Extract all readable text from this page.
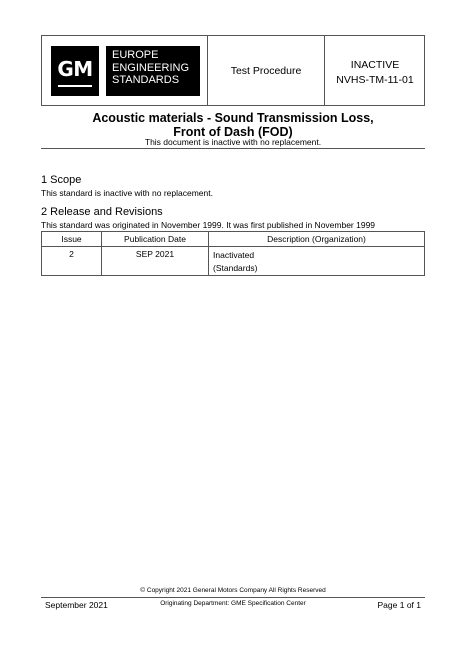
GM
EUROPE
ENGINEERING
STANDARDS
Test Procedure	INACTIVE
NVHS-TM-11-01
Acoustic materials - Sound Transmission Loss,
Front of Dash (FOD)
This document is inactive with no replacement.
1 Scope
This standard is inactive with no replacement.
2 Release and Revisions
This standard was originated in November 1999. It was first published in November 1999
Issue	Publication Date	Description (Organization)
2	SEP 2021	Inactivated
(Standards)
© Copyright 2021 General Motors Company All Rights Reserved
September 2021	Originating Department: GME Specification Center	Page 1 of 1
